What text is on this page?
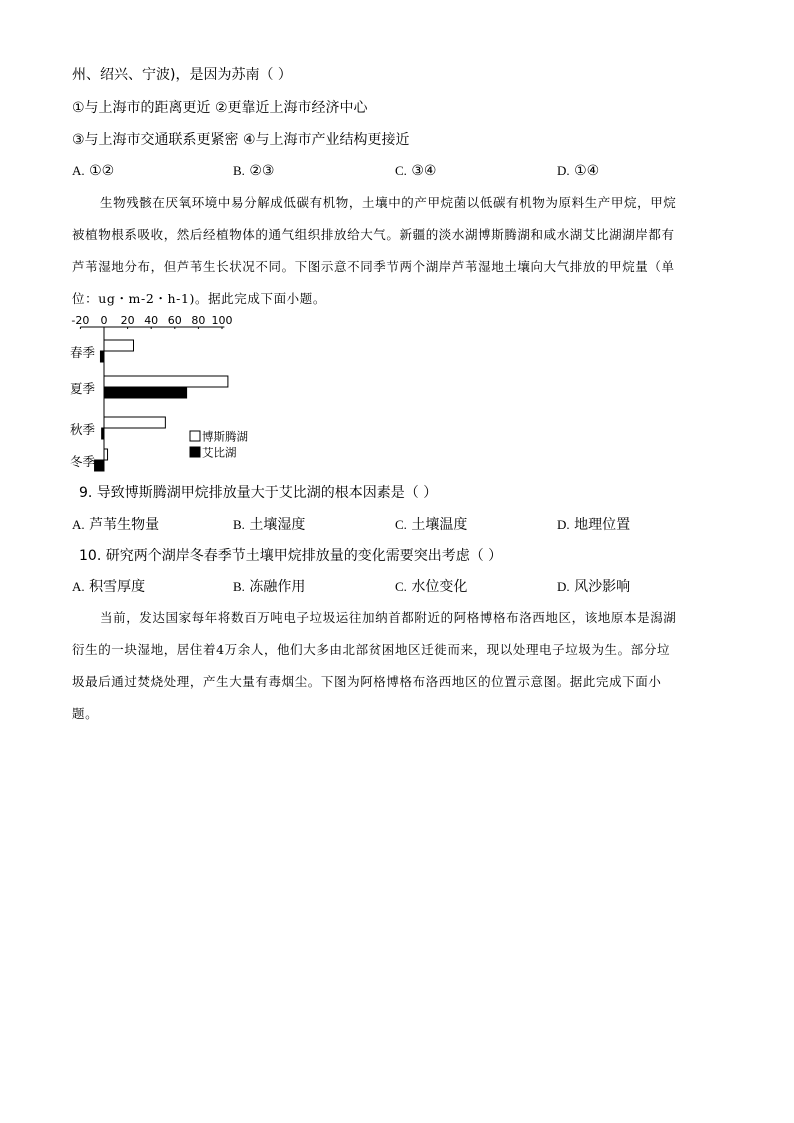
州、绍兴、宁波)，是因为苏南（ ）
①与上海市的距离更近 ②更靠近上海市经济中心
③与上海市交通联系更紧密 ④与上海市产业结构更接近
A. ①②	B. ②③	C. ③④	D. ①④
生物残骸在厌氧环境中易分解成低碳有机物，土壤中的产甲烷菌以低碳有机物为原料生产甲烷，甲烷
被植物根系吸收，然后经植物体的通气组织排放给大气。新疆的淡水湖博斯腾湖和咸水湖艾比湖湖岸都有
芦苇湿地分布，但芦苇生长状况不同。下图示意不同季节两个湖岸芦苇湿地土壤向大气排放的甲烷量（单
位：ug・m-2・h-1)。据此完成下面小题。
-20 0 20 40 60 80 100
春季
夏季
秋季
冬季
博斯腾湖
艾比湖
9. 导致博斯腾湖甲烷排放量大于艾比湖的根本因素是（ ）
A. 芦苇生物量	B. 土壤湿度	C. 土壤温度	D. 地理位置
10. 研究两个湖岸冬春季节土壤甲烷排放量的变化需要突出考虑（ ）
A. 积雪厚度	B. 冻融作用	C. 水位变化	D. 风沙影响
当前，发达国家每年将数百万吨电子垃圾运往加纳首都附近的阿格博格布洛西地区，该地原本是潟湖
衍生的一块湿地，居住着4万余人，他们大多由北部贫困地区迁徙而来，现以处理电子垃圾为生。部分垃
圾最后通过焚烧处理，产生大量有毒烟尘。下图为阿格博格布洛西地区的位置示意图。据此完成下面小
题。
